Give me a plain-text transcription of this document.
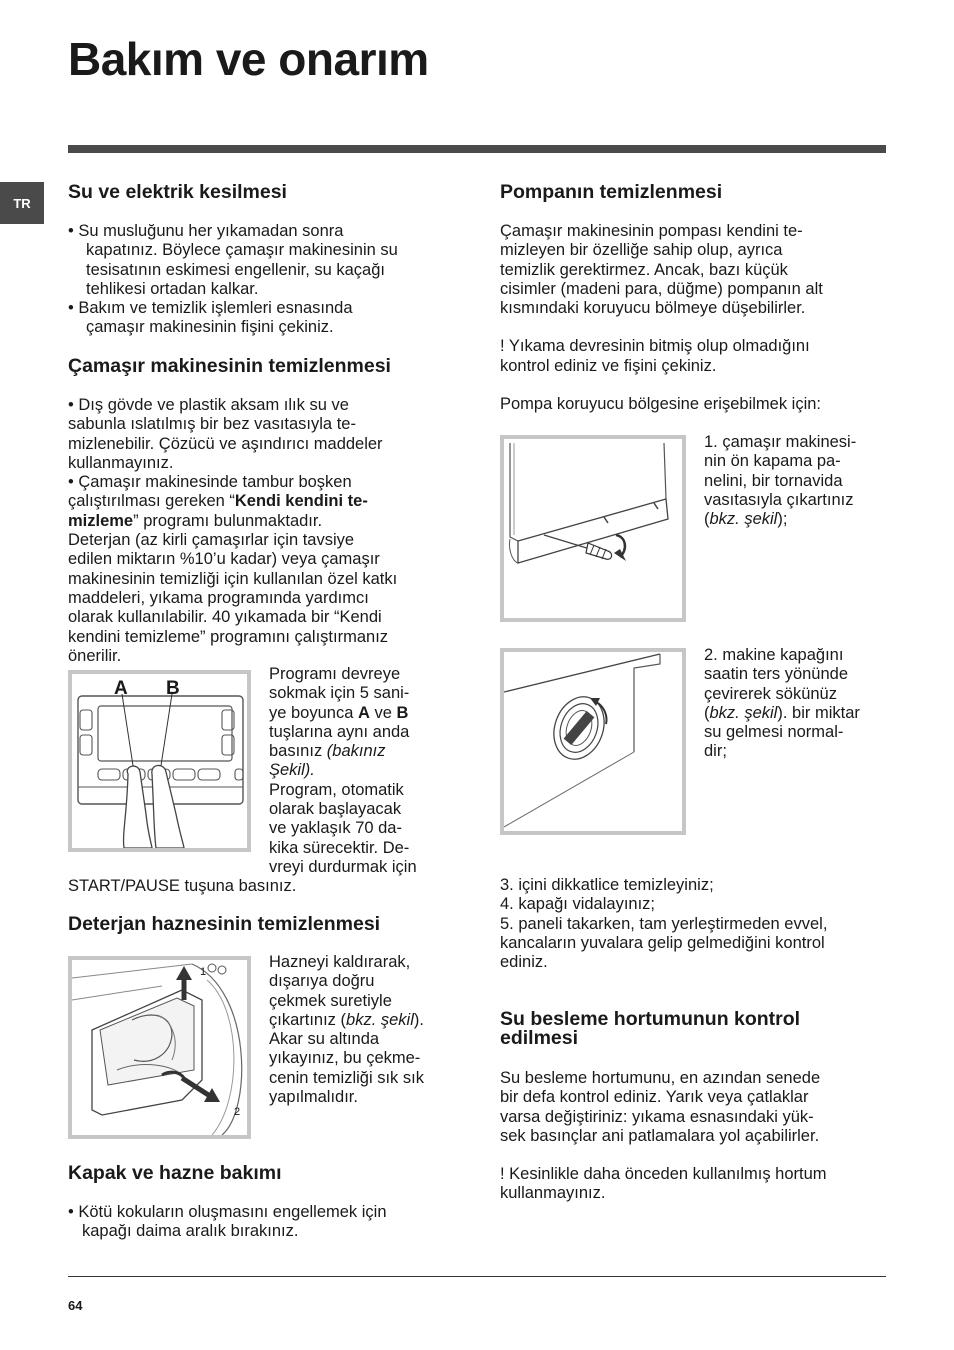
Bakım ve onarım
TR	Su ve elektrik kesilmesi

• Su musluğunu her yıkamadan sonra
kapatınız. Böylece çamaşır makinesinin su
tesisatının eskimesi engellenir, su kaçağı
tehlikesi ortadan kalkar.

• Bakım ve temizlik işlemleri esnasında
çamaşır makinesinin fişini çekiniz.

Çamaşır makinesinin temizlenmesi

• Dış gövde ve plastik aksam ılık su ve
sabunla ıslatılmış bir bez vasıtasıyla te-
mizlenebilir. Çözücü ve aşındırıcı maddeler
kullanmayınız.
• Çamaşır makinesinde tambur boşken
çalıştırılması gereken “Kendi kendini te-
mizleme” programı bulunmaktadır.
Deterjan (az kirli çamaşırlar için tavsiye
edilen miktarın %10’u kadar) veya çamaşır
makinesinin temizliği için kullanılan özel katkı
maddeleri, yıkama programında yardımcı
olarak kullanılabilir. 40 yıkamada bir “Kendi
kendini temizleme” programını çalıştırmanız
önerilir.

A B

Programı devreye
sokmak için 5 sani-
ye boyunca A ve B
tuşlarına aynı anda
basınız (bakınız
Şekil).
Program, otomatik
olarak başlayacak
ve yaklaşık 70 da-
kika sürecektir. De-
vreyi durdurmak için

START/PAUSE tuşuna basınız.
Deterjan haznesinin temizlenmesi
1
2

Hazneyi kaldırarak,
dışarıya doğru
çekmek suretiyle
çıkartınız (bkz. şekil).
Akar su altında
yıkayınız, bu çekme-
cenin temizliği sık sık
yapılmalıdır.

Kapak ve hazne bakımı

• Kötü kokuların oluşmasını engellemek için
kapağı daima aralık bırakınız.

Pompanın temizlenmesi

Çamaşır makinesinin pompası kendini te-
mizleyen bir özelliğe sahip olup, ayrıca
temizlik gerektirmez. Ancak, bazı küçük
cisimler (madeni para, düğme) pompanın alt
kısmındaki koruyucu bölmeye düşebilirler.

! Yıkama devresinin bitmiş olup olmadığını
kontrol ediniz ve fişini çekiniz.

Pompa koruyucu bölgesine erişebilmek için:

1. çamaşır makinesi-
nin ön kapama pa-
nelini, bir tornavida
vasıtasıyla çıkartınız
(bkz. şekil);

2. makine kapağını
saatin ters yönünde
çevirerek sökünüz
(bkz. şekil). bir miktar
su gelmesi normal-
dir;

3. içini dikkatlice temizleyiniz;
4. kapağı vidalayınız;
5. paneli takarken, tam yerleştirmeden evvel,
kancaların yuvalara gelip gelmediğini kontrol
ediniz.

Su besleme hortumunun kontrol
edilmesi

Su besleme hortumunu, en azından senede
bir defa kontrol ediniz. Yarık veya çatlaklar
varsa değiştiriniz: yıkama esnasındaki yük-
sek basınçlar ani patlamalara yol açabilirler.

! Kesinlikle daha önceden kullanılmış hortum
kullanmayınız.

64
